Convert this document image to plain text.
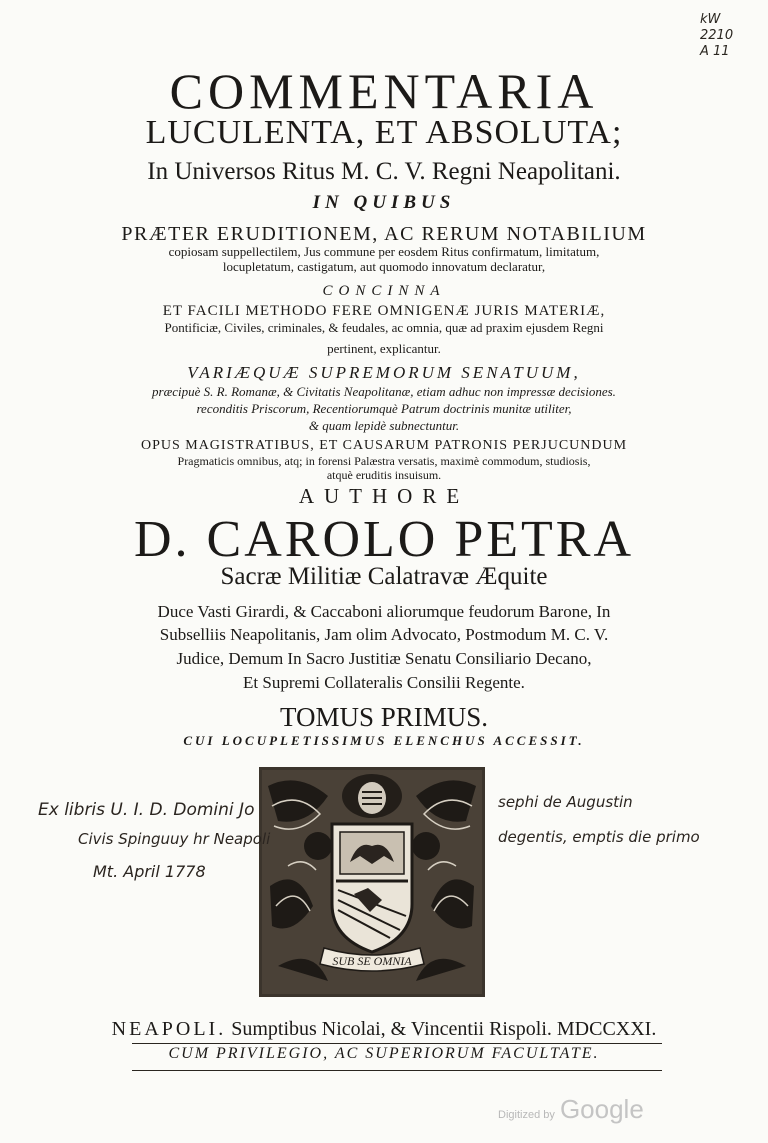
kW
2210
A 11
COMMENTARIA
LUCULENTA, ET ABSOLUTA;
In Universos Ritus M. C. V. Regni Neapolitani.
IN QUIBUS
PRÆTER ERUDITIONEM, AC RERUM NOTABILIUM
copiosam suppellectilem, Jus commune per eosdem Ritus confirmatum, limitatum,
locupletatum, castigatum, aut quomodo innovatum declaratur,
CONCINNA
ET FACILI METHODO FERE OMNIGENÆ JURIS MATERIÆ,
Pontificiæ, Civiles, criminales, & feudales, ac omnia, quæ ad praxim ejusdem Regni
pertinent, explicantur.
VARIÆQUÆ SUPREMORUM SENATUUM,
præcipuè S. R. Romanæ, & Civitatis Neapolitanæ, etiam adhuc non impressæ decisiones.
reconditis Priscorum, Recentiorumquè Patrum doctrinis munitæ utiliter,
& quam lepidè subnectuntur.
OPUS MAGISTRATIBUS, ET CAUSARUM PATRONIS PERJUCUNDUM
Pragmaticis omnibus, atq; in forensi Palæstra versatis, maximè commodum, studiosis,
atquè eruditis insuisum.
AUTHORE
D. CAROLO PETRA
Sacræ Militiæ Calatravæ Æquite
Duce Vasti Girardi, & Caccaboni aliorumque feudorum Barone, In
Subselliis Neapolitanis, Jam olim Advocato, Postmodum M. C. V.
Judice, Demum In Sacro Justitiæ Senatu Consiliario Decano,
Et Supremi Collateralis Consilii Regente.
TOMUS PRIMUS.
CUI LOCUPLETISSIMUS ELENCHUS ACCESSIT.
SUB SE OMNIA
Ex libris U. I. D. Domini Jo
Civis Spinguuy hr Neapoli
Mt. April 1778
sephi de Augustin
degentis, emptis die primo
NEAPOLI. Sumptibus Nicolai, & Vincentii Rispoli. MDCCXXI.
CUM PRIVILEGIO, AC SUPERIORUM FACULTATE.
Digitized by Google
